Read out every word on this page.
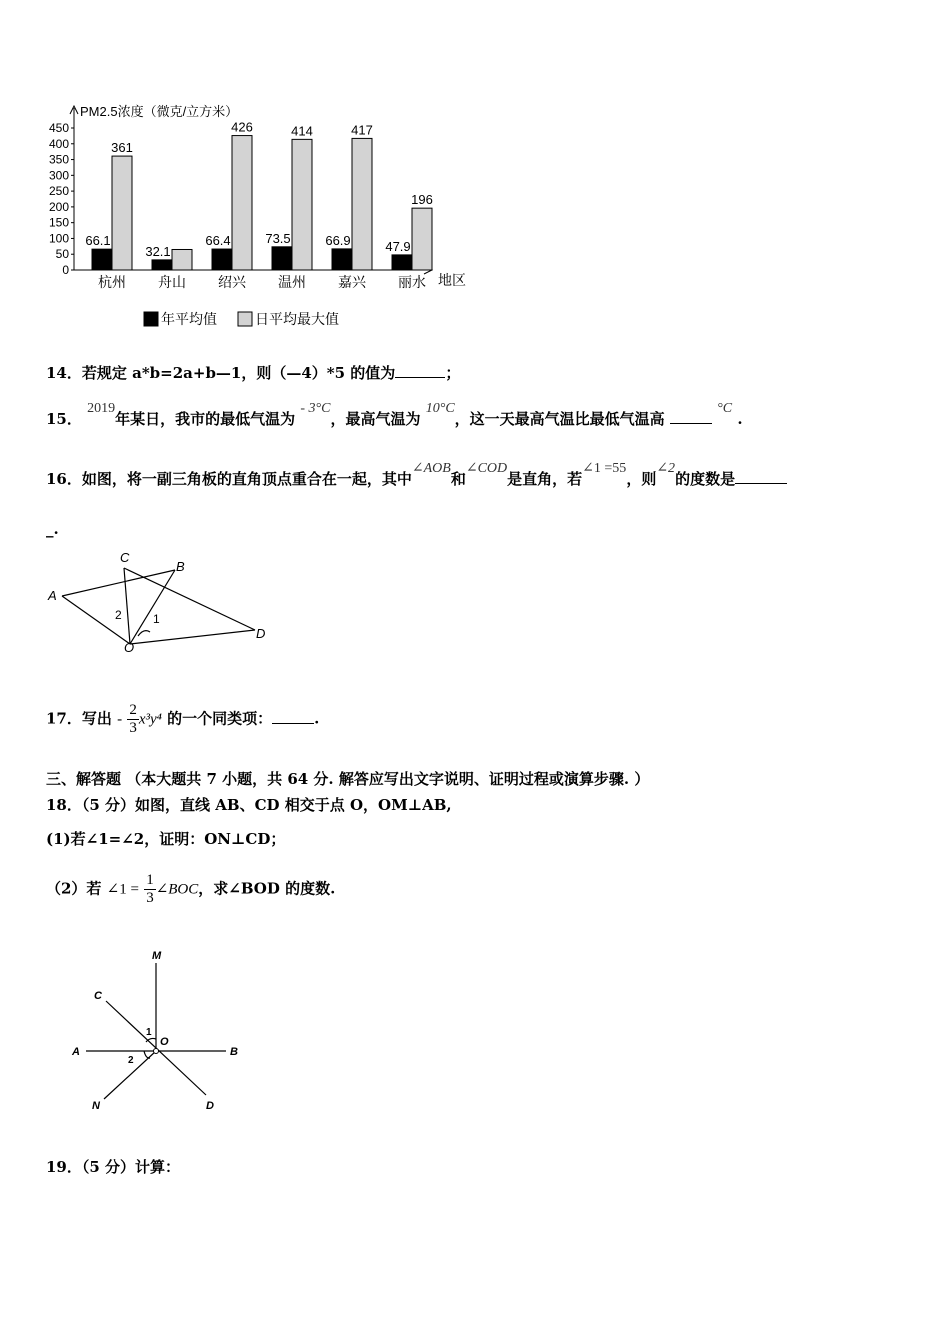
PM2.5浓度（微克/立方米）
地区
0
50
100
150
200
250
300
350
400
450
66.1
361
杭州
32.1
舟山
66.4
426
绍兴
73.5
414
温州
66.9
417
嘉兴
47.9
196
丽水
年平均值	日平均最大值
14．若规定 a*b=2a+b—1，则（—4）*5 的值为	；
15． 2019年某日，我市的最低气温为 - 3°C，最高气温为 10°C，这一天最高气温比最低气温高  °C .
16．如图，将一副三角板的直角顶点重合在一起，其中∠AOB和∠COD是直角，若∠1 =55，则∠2的度数是
_.
A
C
B
D
O
1
2
17．写出 - $\frac{2}{3} x^3y^4$ 的一个同类项：	.
三、解答题 （本大题共 7 小题，共 64 分. 解答应写出文字说明、证明过程或演算步骤. ）
18．（5 分）如图，直线 AB、CD 相交于点 O，OM⊥AB,
(1)若∠1=∠2，证明：ON⊥CD；
（2）若 ∠1 = $\frac{1}{3}$ ∠BOC，求∠BOD 的度数.
M
C
A	B
O
N	D
1
2
19．（5 分）计算：
